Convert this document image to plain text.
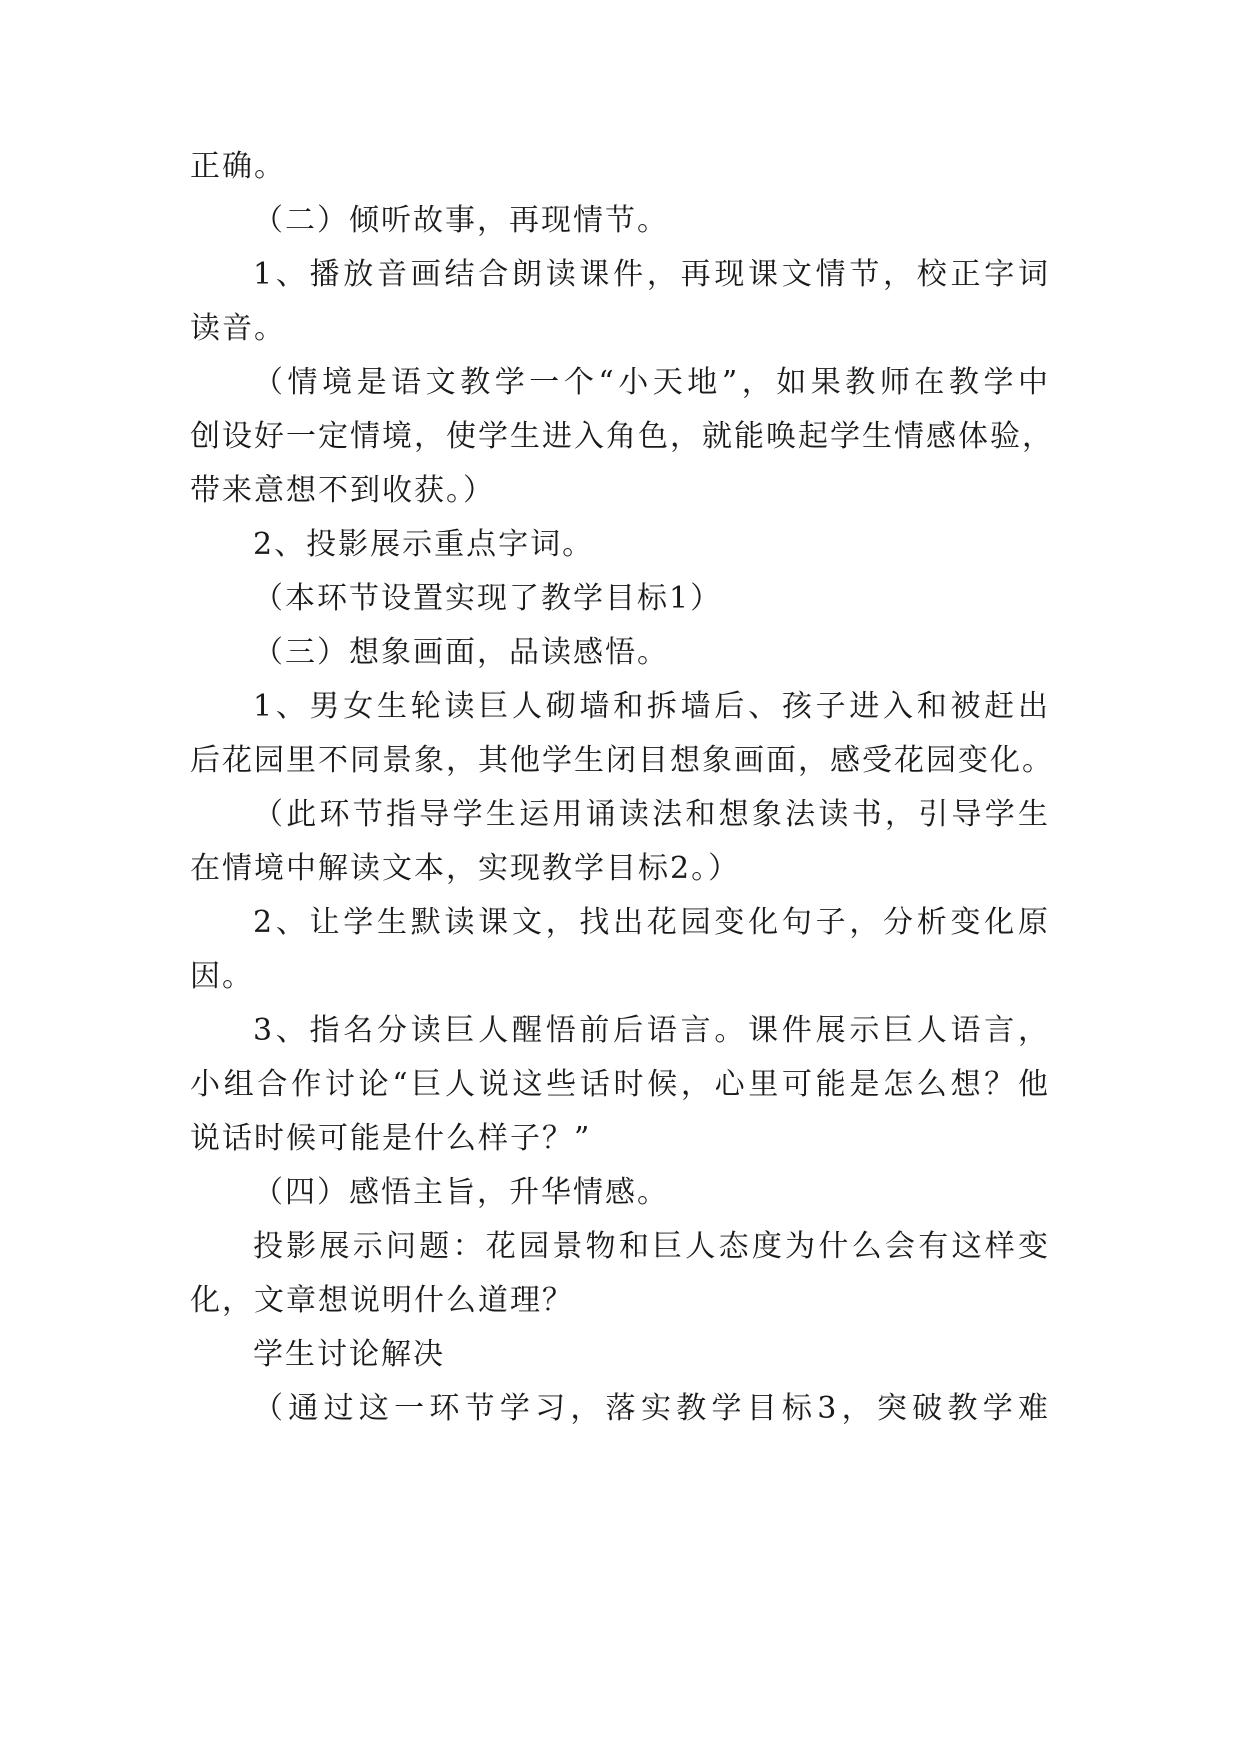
正确。
（二）倾听故事，再现情节。
1、播放音画结合朗读课件，再现课文情节，校正字词
读音。
（情境是语文教学一个“小天地”，如果教师在教学中
创设好一定情境，使学生进入角色，就能唤起学生情感体验，
带来意想不到收获。）
2、投影展示重点字词。
（本环节设置实现了教学目标1）
（三）想象画面，品读感悟。
1、男女生轮读巨人砌墙和拆墙后、孩子进入和被赶出
后花园里不同景象，其他学生闭目想象画面，感受花园变化。
（此环节指导学生运用诵读法和想象法读书，引导学生
在情境中解读文本，实现教学目标2。）
2、让学生默读课文，找出花园变化句子，分析变化原
因。
3、指名分读巨人醒悟前后语言。课件展示巨人语言，
小组合作讨论“巨人说这些话时候，心里可能是怎么想？他
说话时候可能是什么样子？”
（四）感悟主旨，升华情感。
投影展示问题：花园景物和巨人态度为什么会有这样变
化，文章想说明什么道理？
学生讨论解决
（通过这一环节学习，落实教学目标3，突破教学难
